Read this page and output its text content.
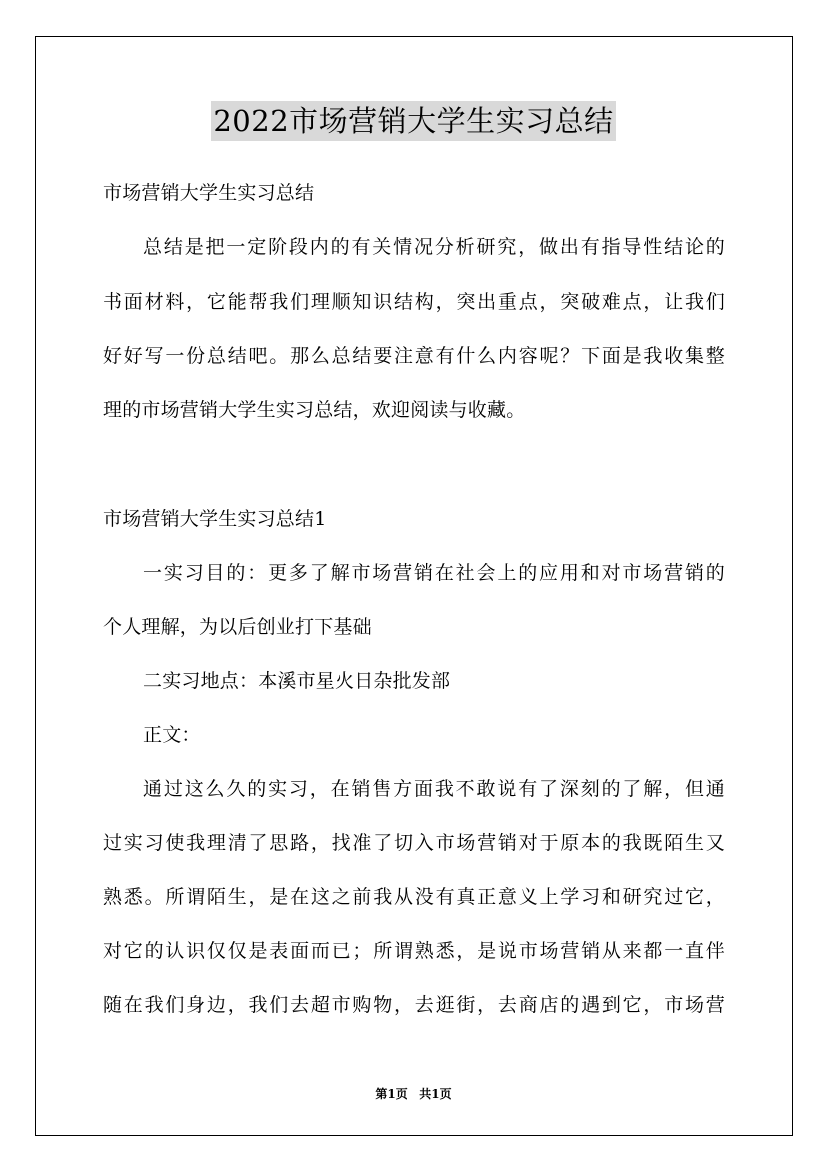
2022市场营销大学生实习总结
市场营销大学生实习总结
总结是把一定阶段内的有关情况分析研究，做出有指导性结论的
书面材料，它能帮我们理顺知识结构，突出重点，突破难点，让我们
好好写一份总结吧。那么总结要注意有什么内容呢？下面是我收集整
理的市场营销大学生实习总结，欢迎阅读与收藏。
市场营销大学生实习总结1
一实习目的：更多了解市场营销在社会上的应用和对市场营销的
个人理解，为以后创业打下基础
二实习地点：本溪市星火日杂批发部
正文：
通过这么久的实习，在销售方面我不敢说有了深刻的了解，但通
过实习使我理清了思路，找准了切入市场营销对于原本的我既陌生又
熟悉。所谓陌生，是在这之前我从没有真正意义上学习和研究过它，
对它的认识仅仅是表面而已；所谓熟悉，是说市场营销从来都一直伴
随在我们身边，我们去超市购物，去逛街，去商店的遇到它，市场营
第1页 共1页
